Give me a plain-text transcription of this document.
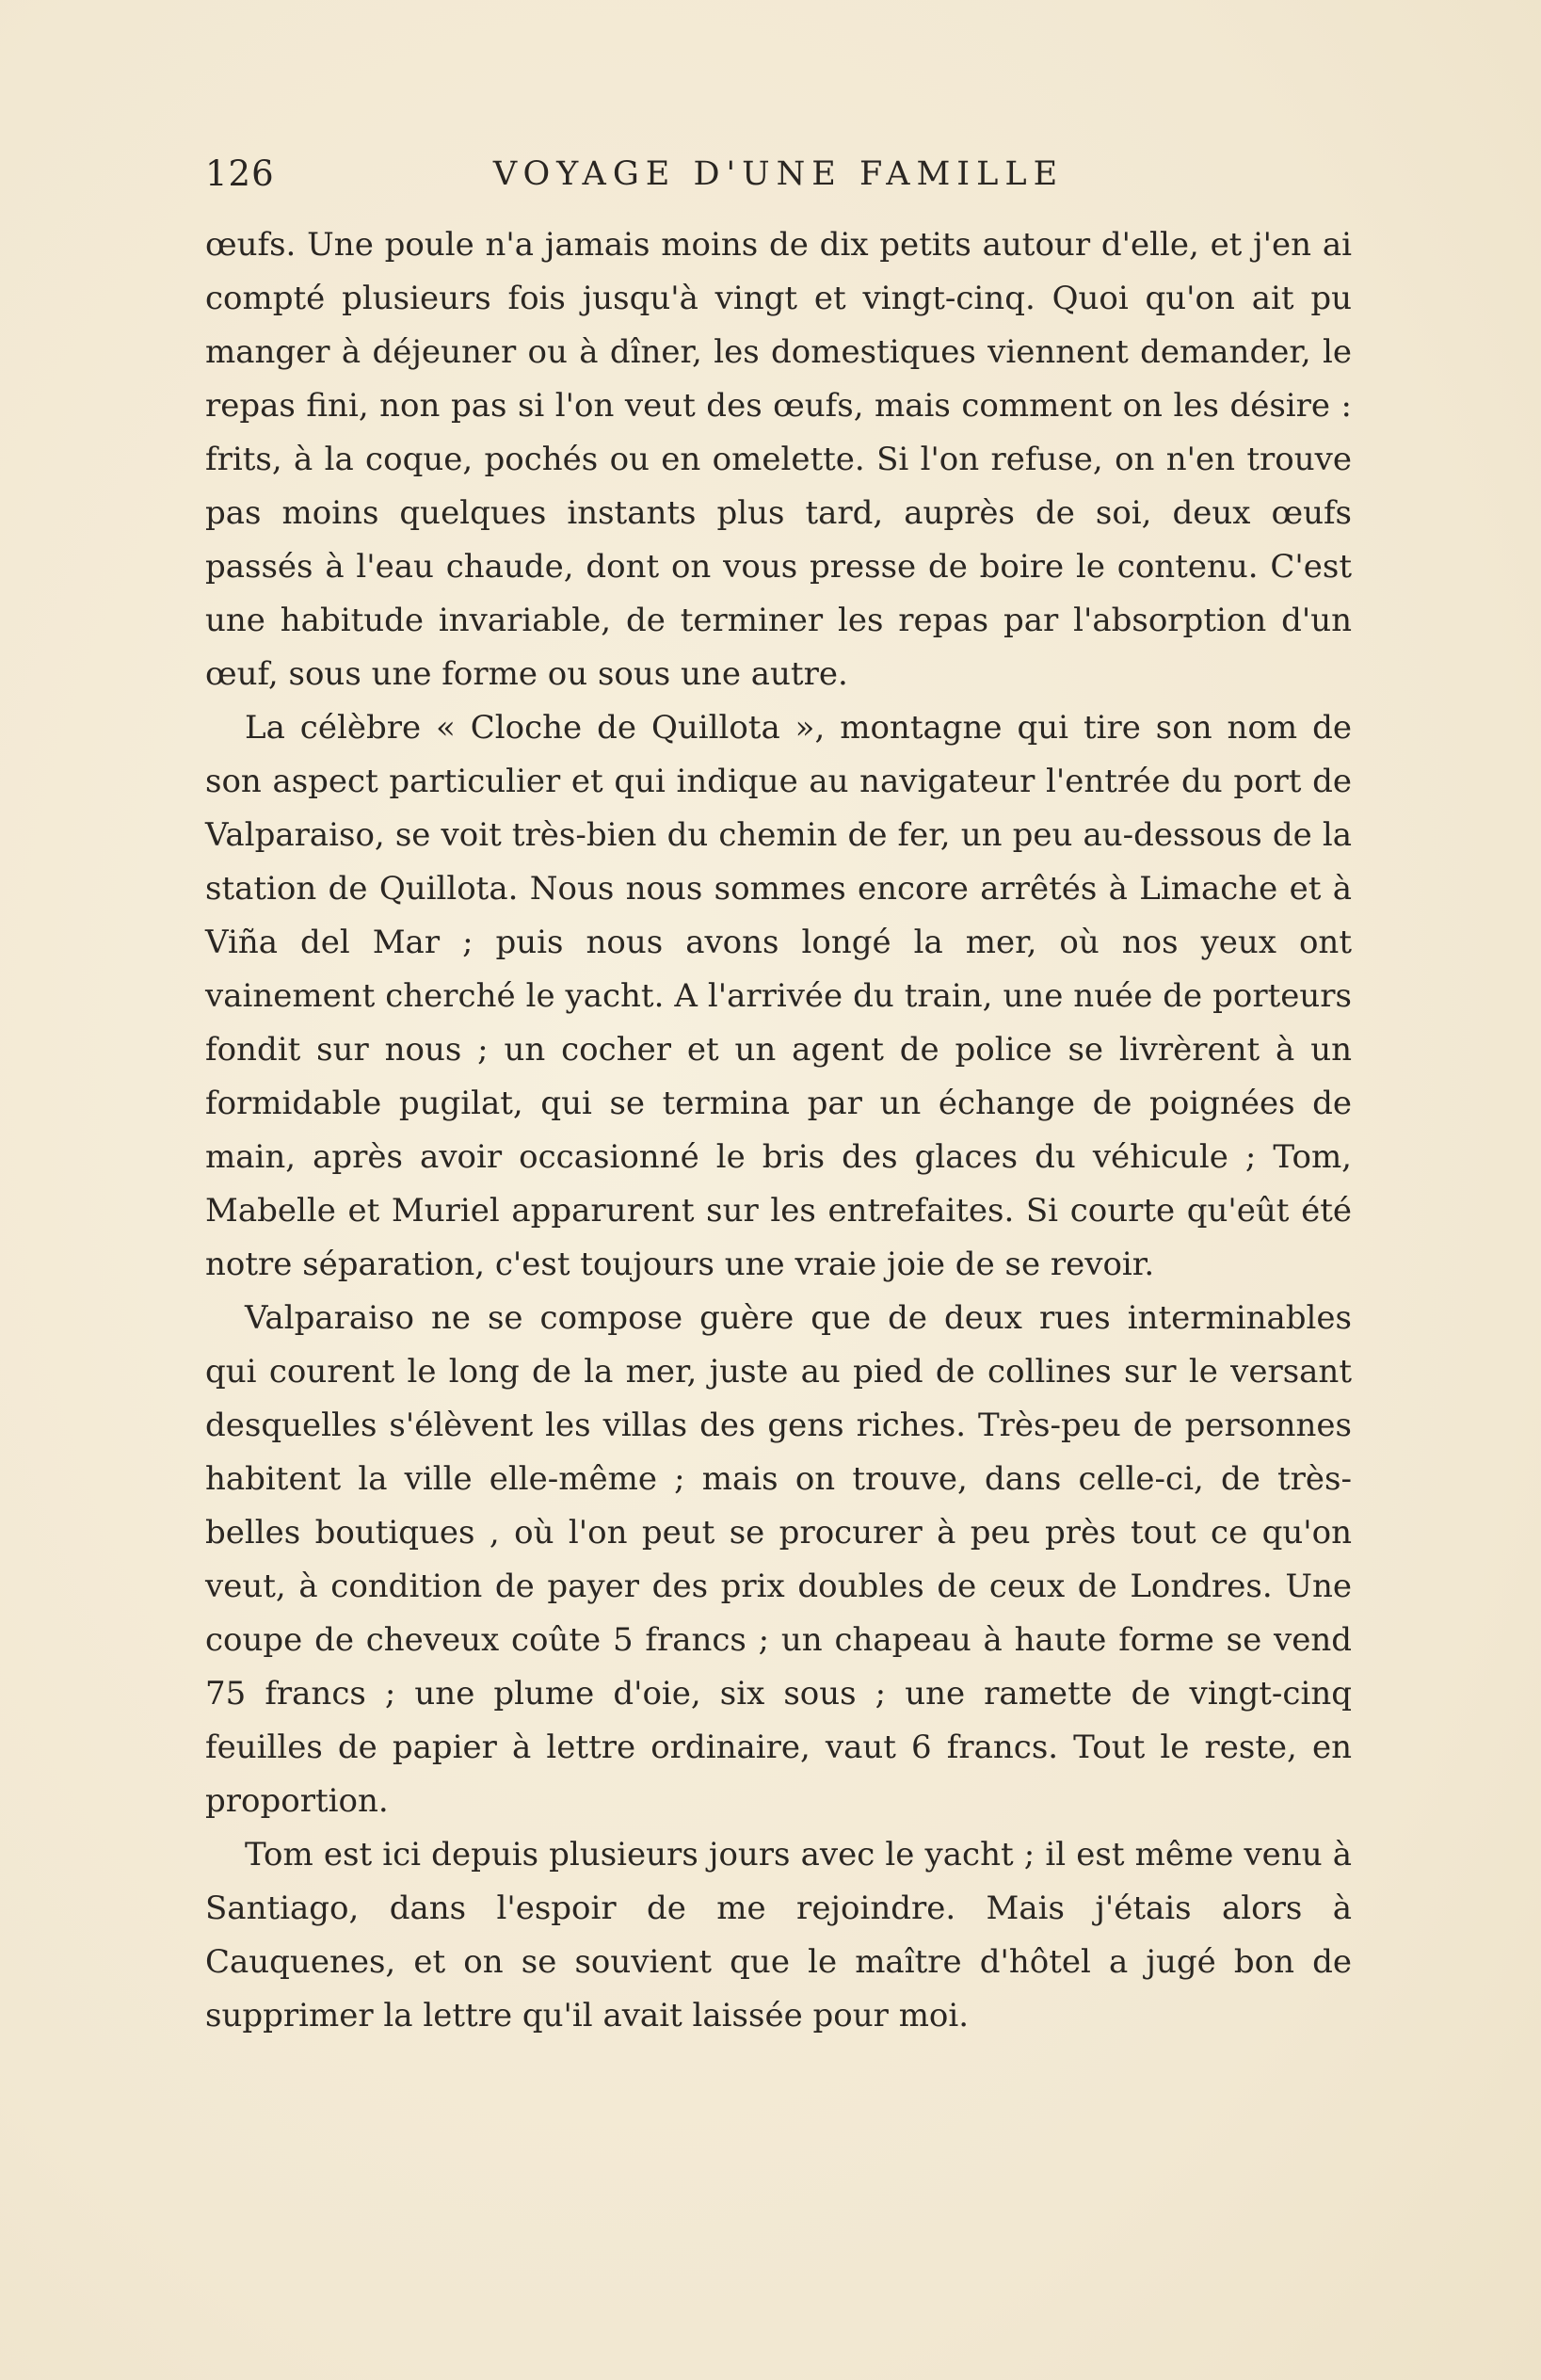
126	VOYAGE D'UNE FAMILLE

œufs. Une poule n'a jamais moins de dix petits autour d'elle, et j'en ai compté plusieurs fois jusqu'à vingt et vingt-cinq. Quoi qu'on ait pu manger à déjeuner ou à dîner, les domestiques viennent demander, le repas fini, non pas si l'on veut des œufs, mais comment on les désire : frits, à la coque, pochés ou en omelette. Si l'on refuse, on n'en trouve pas moins quelques instants plus tard, auprès de soi, deux œufs passés à l'eau chaude, dont on vous presse de boire le contenu. C'est une habitude invariable, de terminer les repas par l'absorption d'un œuf, sous une forme ou sous une autre.

La célèbre « Cloche de Quillota », montagne qui tire son nom de son aspect particulier et qui indique au navigateur l'entrée du port de Valparaiso, se voit très-bien du chemin de fer, un peu au-dessous de la station de Quillota. Nous nous sommes encore arrêtés à Limache et à Viña del Mar ; puis nous avons longé la mer, où nos yeux ont vainement cherché le yacht. A l'arrivée du train, une nuée de porteurs fondit sur nous ; un cocher et un agent de police se livrèrent à un formidable pugilat, qui se termina par un échange de poignées de main, après avoir occasionné le bris des glaces du véhicule ; Tom, Mabelle et Muriel apparurent sur les entrefaites. Si courte qu'eût été notre séparation, c'est toujours une vraie joie de se revoir.

Valparaiso ne se compose guère que de deux rues interminables qui courent le long de la mer, juste au pied de collines sur le versant desquelles s'élèvent les villas des gens riches. Très-peu de personnes habitent la ville elle-même ; mais on trouve, dans celle-ci, de très-belles boutiques , où l'on peut se procurer à peu près tout ce qu'on veut, à condition de payer des prix doubles de ceux de Londres. Une coupe de cheveux coûte 5 francs ; un chapeau à haute forme se vend 75 francs ; une plume d'oie, six sous ; une ramette de vingt-cinq feuilles de papier à lettre ordinaire, vaut 6 francs. Tout le reste, en proportion.

Tom est ici depuis plusieurs jours avec le yacht ; il est même venu à Santiago, dans l'espoir de me rejoindre. Mais j'étais alors à Cauquenes, et on se souvient que le maître d'hôtel a jugé bon de supprimer la lettre qu'il avait laissée pour moi.
